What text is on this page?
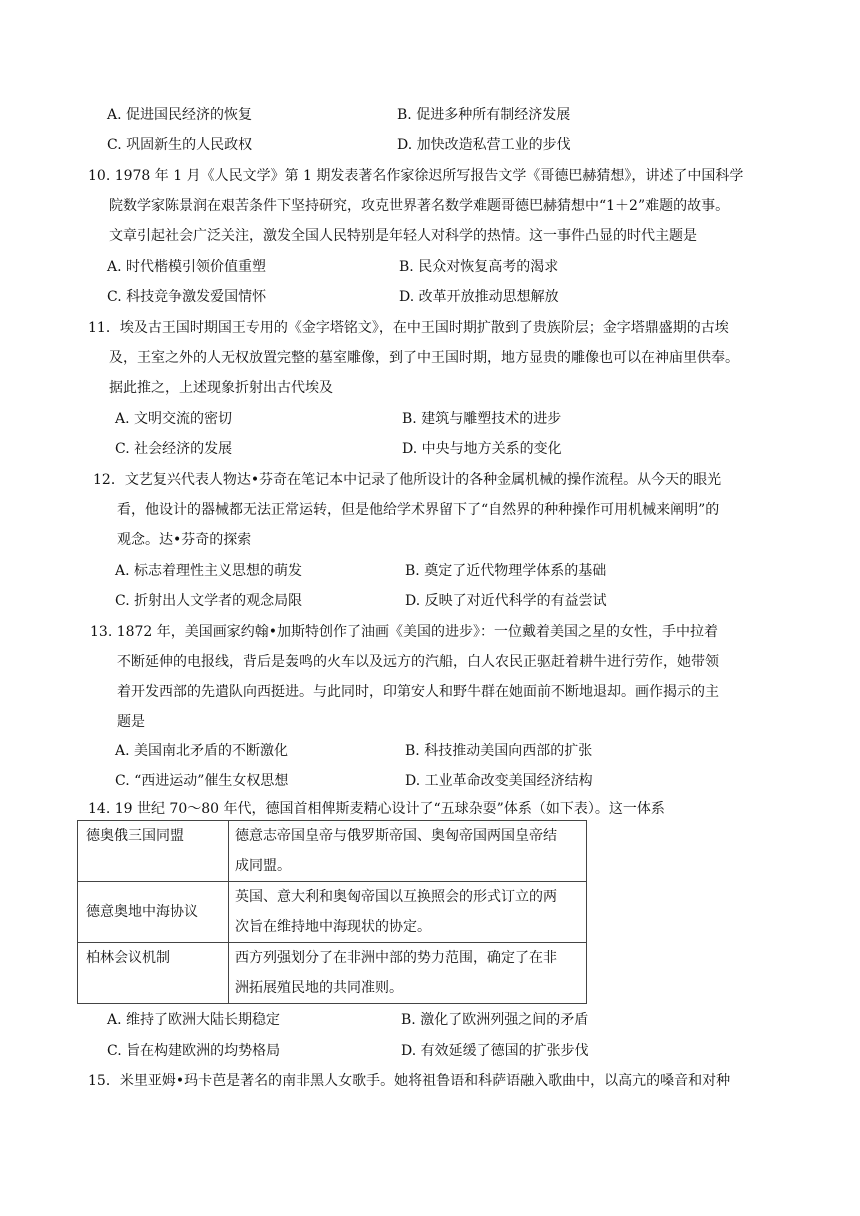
A. 促进国民经济的恢复	B. 促进多种所有制经济发展
C. 巩固新生的人民政权	D. 加快改造私营工业的步伐
10. 1978 年 1 月《人民文学》第 1 期发表著名作家徐迟所写报告文学《哥德巴赫猜想》，讲述了中国科学
院数学家陈景润在艰苦条件下坚持研究，攻克世界著名数学难题哥德巴赫猜想中“1＋2”难题的故事。
文章引起社会广泛关注，激发全国人民特别是年轻人对科学的热情。这一事件凸显的时代主题是
A. 时代楷模引领价值重塑	B. 民众对恢复高考的渴求
C. 科技竞争激发爱国情怀	D. 改革开放推动思想解放
11．埃及古王国时期国王专用的《金字塔铭文》，在中王国时期扩散到了贵族阶层；金字塔鼎盛期的古埃
及，王室之外的人无权放置完整的墓室雕像，到了中王国时期，地方显贵的雕像也可以在神庙里供奉。
据此推之，上述现象折射出古代埃及
A. 文明交流的密切	B. 建筑与雕塑技术的进步
C. 社会经济的发展	D. 中央与地方关系的变化
12．文艺复兴代表人物达•芬奇在笔记本中记录了他所设计的各种金属机械的操作流程。从今天的眼光
看，他设计的器械都无法正常运转，但是他给学术界留下了“自然界的种种操作可用机械来阐明”的
观念。达•芬奇的探索
A. 标志着理性主义思想的萌发	B. 奠定了近代物理学体系的基础
C. 折射出人文学者的观念局限	D. 反映了对近代科学的有益尝试
13. 1872 年，美国画家约翰•加斯特创作了油画《美国的进步》：一位戴着美国之星的女性，手中拉着
不断延伸的电报线，背后是轰鸣的火车以及远方的汽船，白人农民正驱赶着耕牛进行劳作，她带领
着开发西部的先遣队向西挺进。与此同时，印第安人和野牛群在她面前不断地退却。画作揭示的主
题是
A. 美国南北矛盾的不断激化	B. 科技推动美国向西部的扩张
C. “西进运动”催生女权思想	D. 工业革命改变美国经济结构
14. 19 世纪 70～80 年代，德国首相俾斯麦精心设计了“五球杂耍”体系（如下表）。这一体系
德奥俄三国同盟	德意志帝国皇帝与俄罗斯帝国、奥匈帝国两国皇帝结
成同盟。

德意奥地中海协议	英国、意大利和奥匈帝国以互换照会的形式订立的两
次旨在维持地中海现状的协定。

柏林会议机制	西方列强划分了在非洲中部的势力范围，确定了在非
洲拓展殖民地的共同准则。
A. 维持了欧洲大陆长期稳定	B. 激化了欧洲列强之间的矛盾
C. 旨在构建欧洲的均势格局	D. 有效延缓了德国的扩张步伐
15．米里亚姆•玛卡芭是著名的南非黑人女歌手。她将祖鲁语和科萨语融入歌曲中，以高亢的嗓音和对种
